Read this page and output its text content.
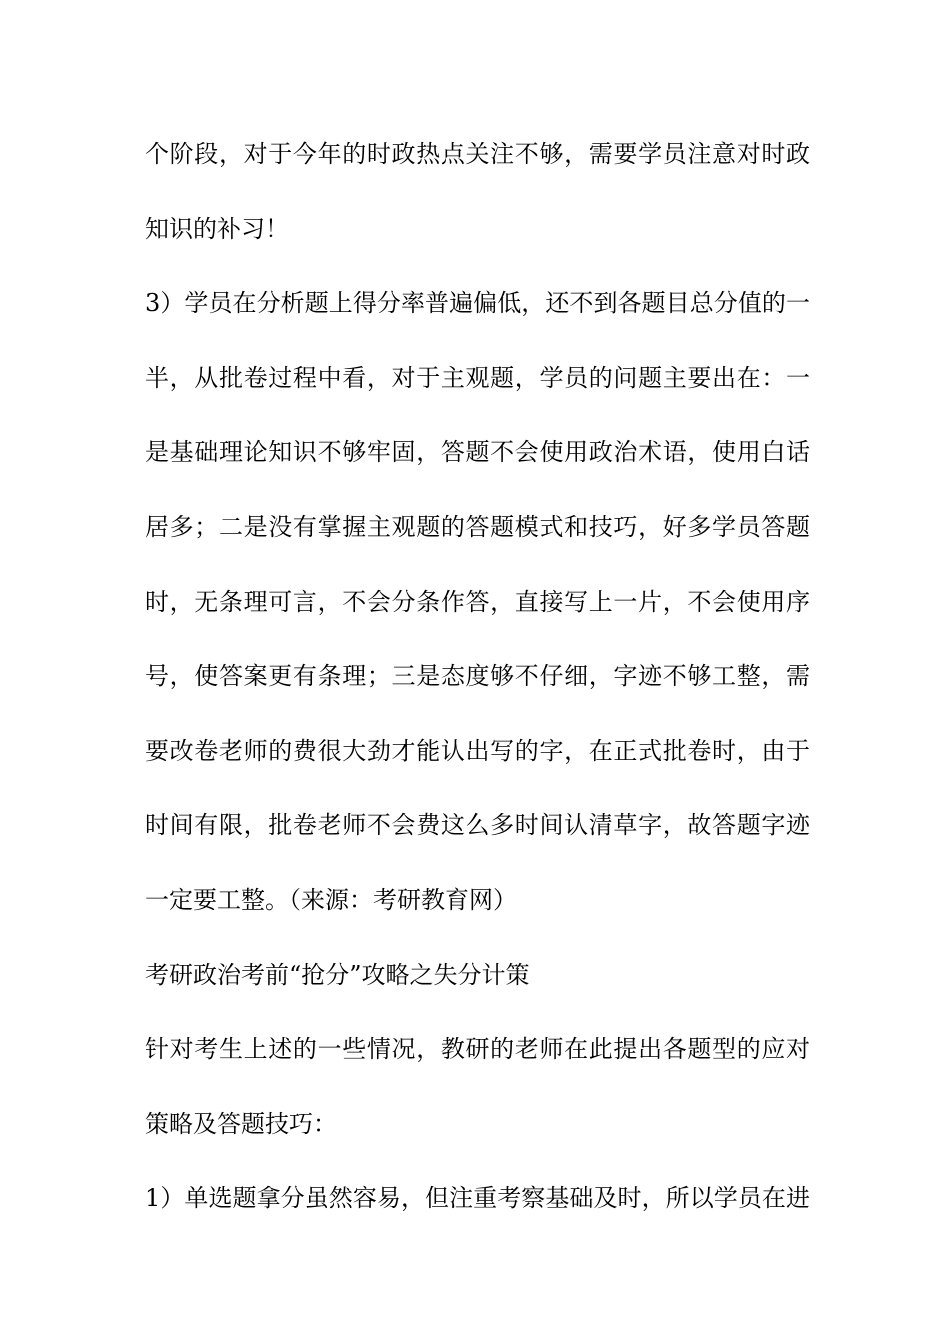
个阶段，对于今年的时政热点关注不够，需要学员注意对时政
知识的补习！
3）学员在分析题上得分率普遍偏低，还不到各题目总分值的一
半，从批卷过程中看，对于主观题，学员的问题主要出在：一
是基础理论知识不够牢固，答题不会使用政治术语，使用白话
居多；二是没有掌握主观题的答题模式和技巧，好多学员答题
时，无条理可言，不会分条作答，直接写上一片，不会使用序
号，使答案更有条理；三是态度够不仔细，字迹不够工整，需
要改卷老师的费很大劲才能认出写的字，在正式批卷时，由于
时间有限，批卷老师不会费这么多时间认清草字，故答题字迹
一定要工整。（来源：考研教育网）
考研政治考前“抢分”攻略之失分计策
针对考生上述的一些情况，教研的老师在此提出各题型的应对
策略及答题技巧：
1）单选题拿分虽然容易，但注重考察基础及时，所以学员在进
